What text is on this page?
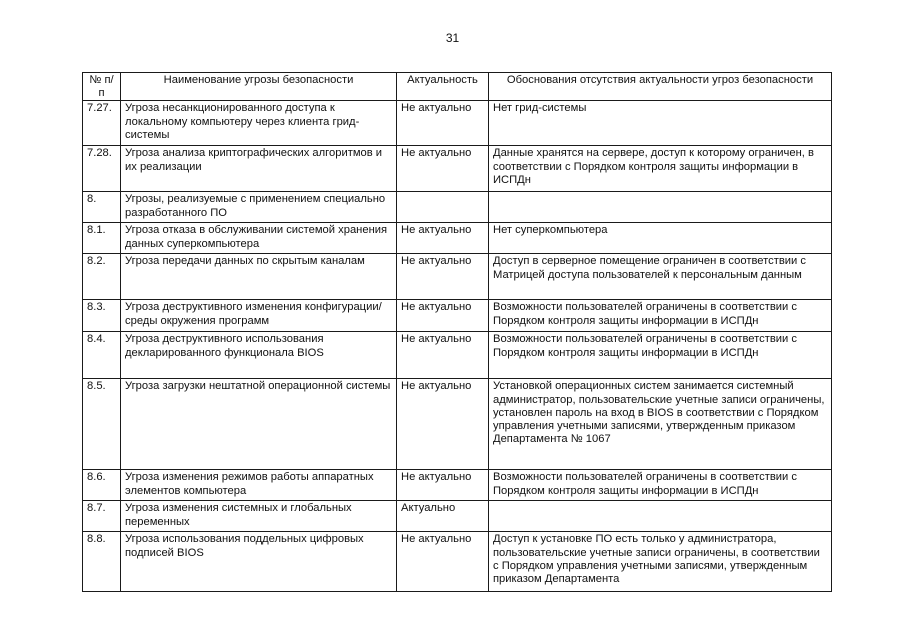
31
№ п/п	Наименование угрозы безопасности	Актуальность	Обоснования отсутствия актуальности угроз безопасности
7.27.	Угроза несанкционированного доступа к локальному компьютеру через клиента грид-системы	Не актуально	Нет грид-системы
7.28.	Угроза анализа криптографических алгоритмов и их реализации	Не актуально	Данные хранятся на сервере, доступ к которому ограничен, в соответствии с Порядком контроля защиты информации в ИСПДн
8.	Угрозы, реализуемые с применением специально разработанного ПО		
8.1.	Угроза отказа в обслуживании системой хранения данных суперкомпьютера	Не актуально	Нет суперкомпьютера
8.2.	Угроза передачи данных по скрытым каналам	Не актуально	Доступ в серверное помещение ограничен в соответствии с Матрицей доступа пользователей к персональным данным
8.3.	Угроза деструктивного изменения конфигурации/среды окружения программ	Не актуально	Возможности пользователей ограничены в соответствии с Порядком контроля защиты информации в ИСПДн
8.4.	Угроза деструктивного использования декларированного функционала BIOS	Не актуально	Возможности пользователей ограничены в соответствии с Порядком контроля защиты информации в ИСПДн
8.5.	Угроза загрузки нештатной операционной системы	Не актуально	Установкой операционных систем занимается системный администратор, пользовательские учетные записи ограничены, установлен пароль на вход в BIOS в соответствии с Порядком управления учетными записями, утвержденным приказом Департамента № 1067
8.6.	Угроза изменения режимов работы аппаратных элементов компьютера	Не актуально	Возможности пользователей ограничены в соответствии с Порядком контроля защиты информации в ИСПДн
8.7.	Угроза изменения системных и глобальных переменных	Актуально	
8.8.	Угроза использования поддельных цифровых подписей BIOS	Не актуально	Доступ к установке ПО есть только у администратора, пользовательские учетные записи ограничены, в соответствии с Порядком управления учетными записями, утвержденным приказом Департамента
